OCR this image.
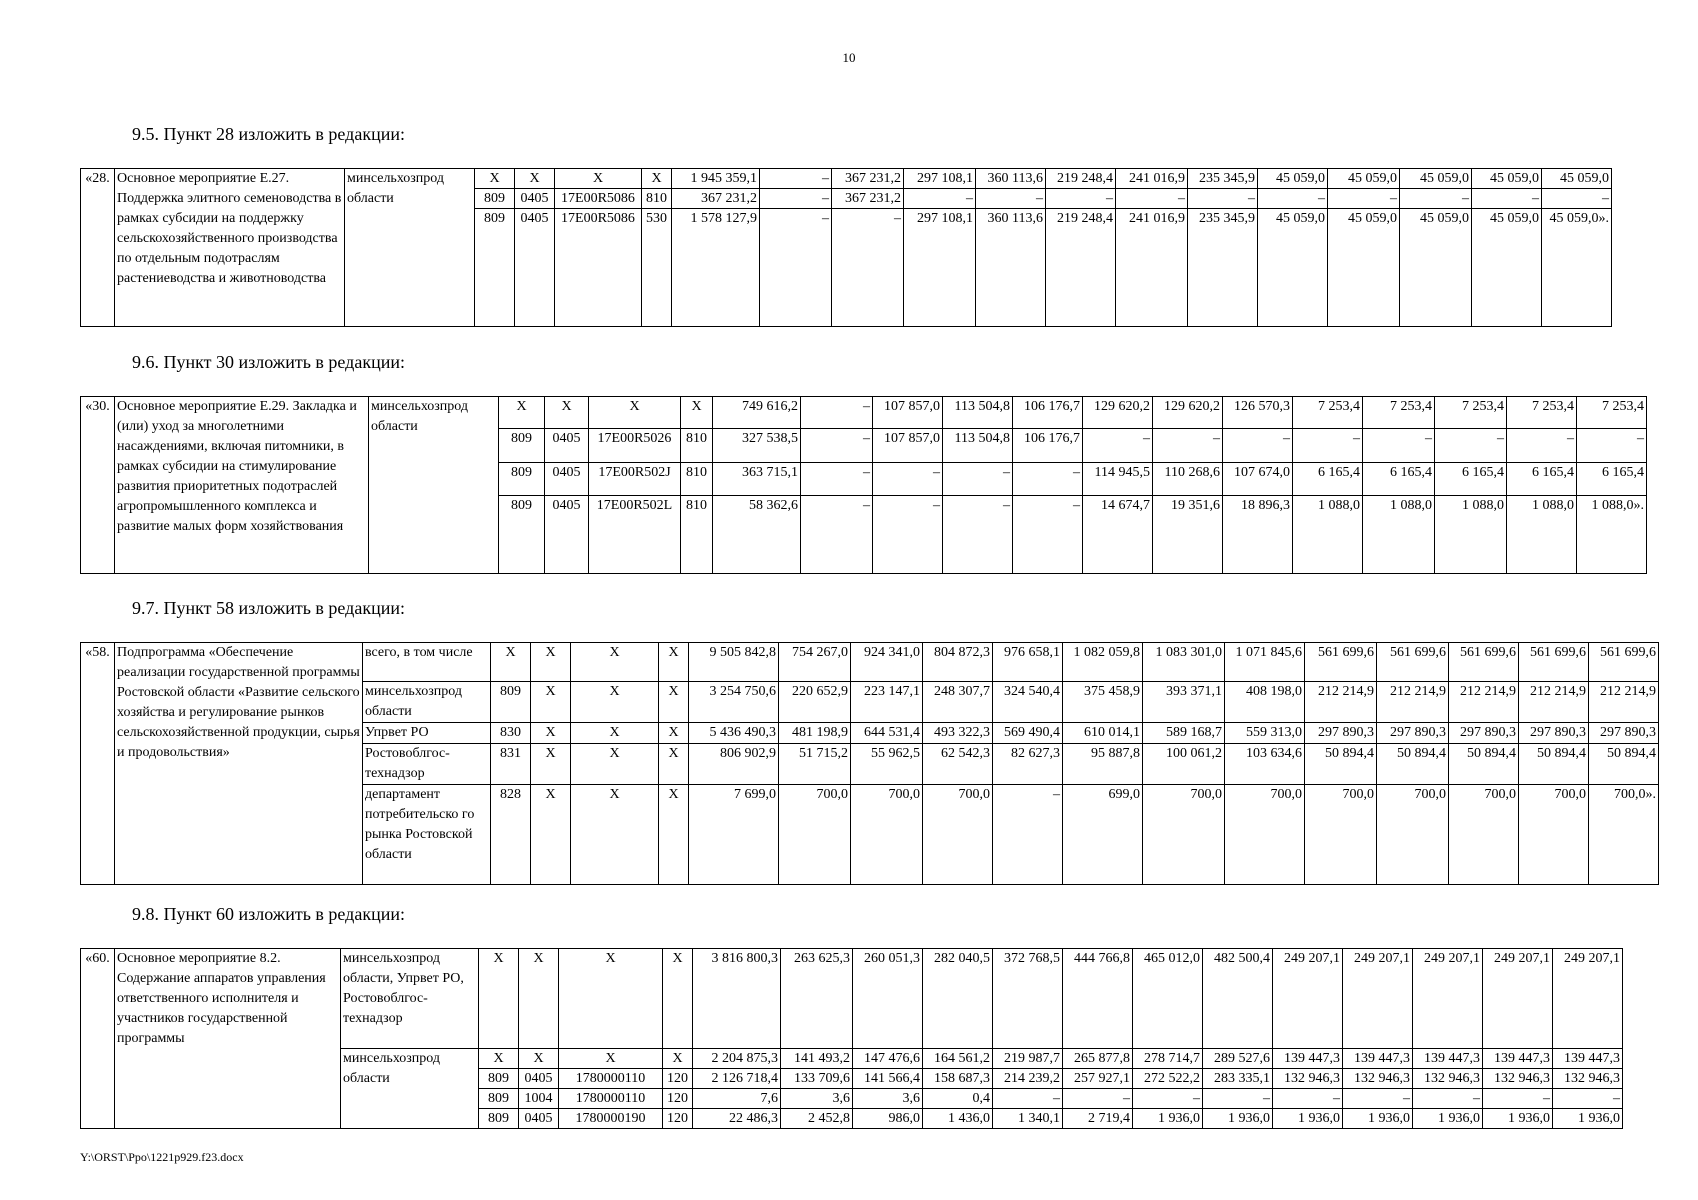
10
9.5. Пункт 28 изложить в редакции:
«28.	Основное мероприятие Е.27. Поддержка элитного семеноводства в рамках субсидии на поддержку сельскохозяйственного производства по отдельным подотраслям растениеводства и животноводства	минсельхозпрод области	X	X	X	X	1 945 359,1	–	367 231,2	297 108,1	360 113,6	219 248,4	241 016,9	235 345,9	45 059,0	45 059,0	45 059,0	45 059,0	45 059,0
			809	0405	17E00R5086	810	367 231,2	–	367 231,2	–	–	–	–	–	–	–	–	–	–
			809	0405	17E00R5086	530	1 578 127,9	–	–	297 108,1	360 113,6	219 248,4	241 016,9	235 345,9	45 059,0	45 059,0	45 059,0	45 059,0	45 059,0».
9.6. Пункт 30 изложить в редакции:
«30.	Основное мероприятие Е.29. Закладка и (или) уход за многолетними насаждениями, включая питомники, в рамках субсидии на стимулирование развития приоритетных подотраслей агропромышленного комплекса и развитие малых форм хозяйствования	минсельхозпрод области	X	X	X	X	749 616,2	–	107 857,0	113 504,8	106 176,7	129 620,2	129 620,2	126 570,3	7 253,4	7 253,4	7 253,4	7 253,4	7 253,4
			809	0405	17E00R5026	810	327 538,5	–	107 857,0	113 504,8	106 176,7	–	–	–	–	–	–	–	–
			809	0405	17E00R502J	810	363 715,1	–	–	–	–	114 945,5	110 268,6	107 674,0	6 165,4	6 165,4	6 165,4	6 165,4	6 165,4
			809	0405	17E00R502L	810	58 362,6	–	–	–	–	14 674,7	19 351,6	18 896,3	1 088,0	1 088,0	1 088,0	1 088,0	1 088,0».
9.7. Пункт 58 изложить в редакции:
«58.	Подпрограмма «Обеспечение реализации государственной программы Ростовской области «Развитие сельского хозяйства и регулирование рынков сельскохозяйственной продукции, сырья и продовольствия»	всего, в том числе	X	X	X	X	9 505 842,8	754 267,0	924 341,0	804 872,3	976 658,1	1 082 059,8	1 083 301,0	1 071 845,6	561 699,6	561 699,6	561 699,6	561 699,6	561 699,6
		минсельхозпрод области	809	X	X	X	3 254 750,6	220 652,9	223 147,1	248 307,7	324 540,4	375 458,9	393 371,1	408 198,0	212 214,9	212 214,9	212 214,9	212 214,9	212 214,9
		Упрвет РО	830	X	X	X	5 436 490,3	481 198,9	644 531,4	493 322,3	569 490,4	610 014,1	589 168,7	559 313,0	297 890,3	297 890,3	297 890,3	297 890,3	297 890,3
		Ростовоблгос-технадзор	831	X	X	X	806 902,9	51 715,2	55 962,5	62 542,3	82 627,3	95 887,8	100 061,2	103 634,6	50 894,4	50 894,4	50 894,4	50 894,4	50 894,4
		департамент потребительско го рынка Ростовской области	828	X	X	X	7 699,0	700,0	700,0	700,0	–	699,0	700,0	700,0	700,0	700,0	700,0	700,0	700,0».
9.8. Пункт 60 изложить в редакции:
«60.	Основное мероприятие 8.2. Содержание аппаратов управления ответственного исполнителя и участников государственной программы	минсельхозпрод области, Упрвет РО, Ростовоблгос-технадзор	X	X	X	X	3 816 800,3	263 625,3	260 051,3	282 040,5	372 768,5	444 766,8	465 012,0	482 500,4	249 207,1	249 207,1	249 207,1	249 207,1	249 207,1
		минсельхозпрод области	X	X	X	X	2 204 875,3	141 493,2	147 476,6	164 561,2	219 987,7	265 877,8	278 714,7	289 527,6	139 447,3	139 447,3	139 447,3	139 447,3	139 447,3
			809	0405	1780000110	120	2 126 718,4	133 709,6	141 566,4	158 687,3	214 239,2	257 927,1	272 522,2	283 335,1	132 946,3	132 946,3	132 946,3	132 946,3	132 946,3
			809	1004	1780000110	120	7,6	3,6	3,6	0,4	–	–	–	–	–	–	–	–	–
			809	0405	1780000190	120	22 486,3	2 452,8	986,0	1 436,0	1 340,1	2 719,4	1 936,0	1 936,0	1 936,0	1 936,0	1 936,0	1 936,0	1 936,0
Y:\ORST\Ppo\1221p929.f23.docx
